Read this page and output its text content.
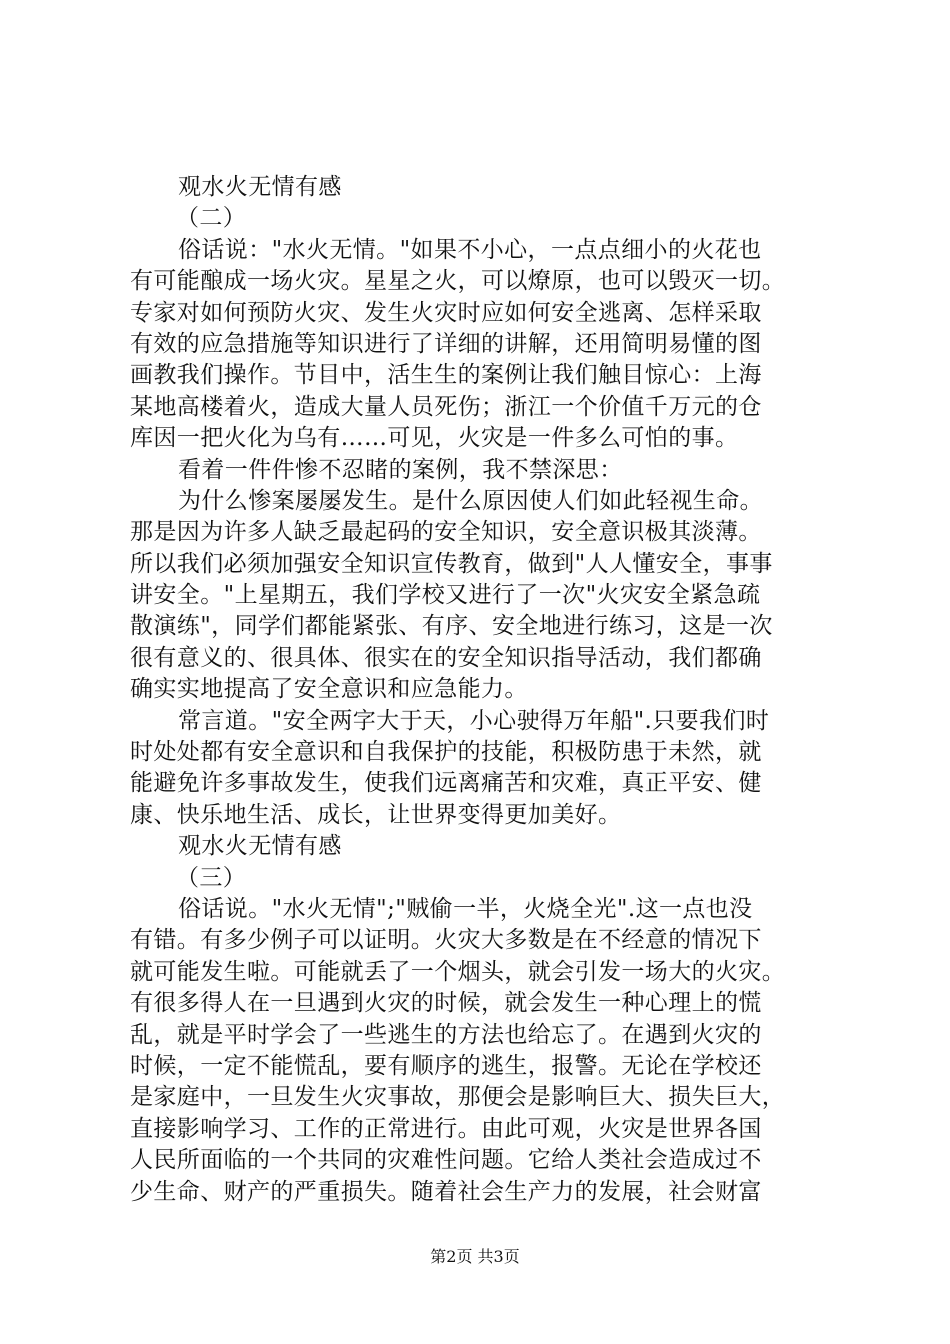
观水火无情有感
（二）
俗话说："水火无情。"如果不小心，一点点细小的火花也
有可能酿成一场火灾。星星之火，可以燎原，也可以毁灭一切。
专家对如何预防火灾、发生火灾时应如何安全逃离、怎样采取
有效的应急措施等知识进行了详细的讲解，还用简明易懂的图
画教我们操作。节目中，活生生的案例让我们触目惊心：上海
某地高楼着火，造成大量人员死伤；浙江一个价值千万元的仓
库因一把火化为乌有……可见，火灾是一件多么可怕的事。
看着一件件惨不忍睹的案例，我不禁深思：
为什么惨案屡屡发生。是什么原因使人们如此轻视生命。
那是因为许多人缺乏最起码的安全知识，安全意识极其淡薄。
所以我们必须加强安全知识宣传教育，做到"人人懂安全，事事
讲安全。"上星期五，我们学校又进行了一次"火灾安全紧急疏
散演练"，同学们都能紧张、有序、安全地进行练习，这是一次
很有意义的、很具体、很实在的安全知识指导活动，我们都确
确实实地提高了安全意识和应急能力。
常言道。"安全两字大于天，小心驶得万年船".只要我们时
时处处都有安全意识和自我保护的技能，积极防患于未然，就
能避免许多事故发生，使我们远离痛苦和灾难，真正平安、健
康、快乐地生活、成长，让世界变得更加美好。
观水火无情有感
（三）
俗话说。"水火无情";"贼偷一半，火烧全光".这一点也没
有错。有多少例子可以证明。火灾大多数是在不经意的情况下
就可能发生啦。可能就丢了一个烟头，就会引发一场大的火灾。
有很多得人在一旦遇到火灾的时候，就会发生一种心理上的慌
乱，就是平时学会了一些逃生的方法也给忘了。在遇到火灾的
时候，一定不能慌乱，要有顺序的逃生，报警。无论在学校还
是家庭中，一旦发生火灾事故，那便会是影响巨大、损失巨大，
直接影响学习、工作的正常进行。由此可观，火灾是世界各国
人民所面临的一个共同的灾难性问题。它给人类社会造成过不
少生命、财产的严重损失。随着社会生产力的发展，社会财富
第2页 共3页
